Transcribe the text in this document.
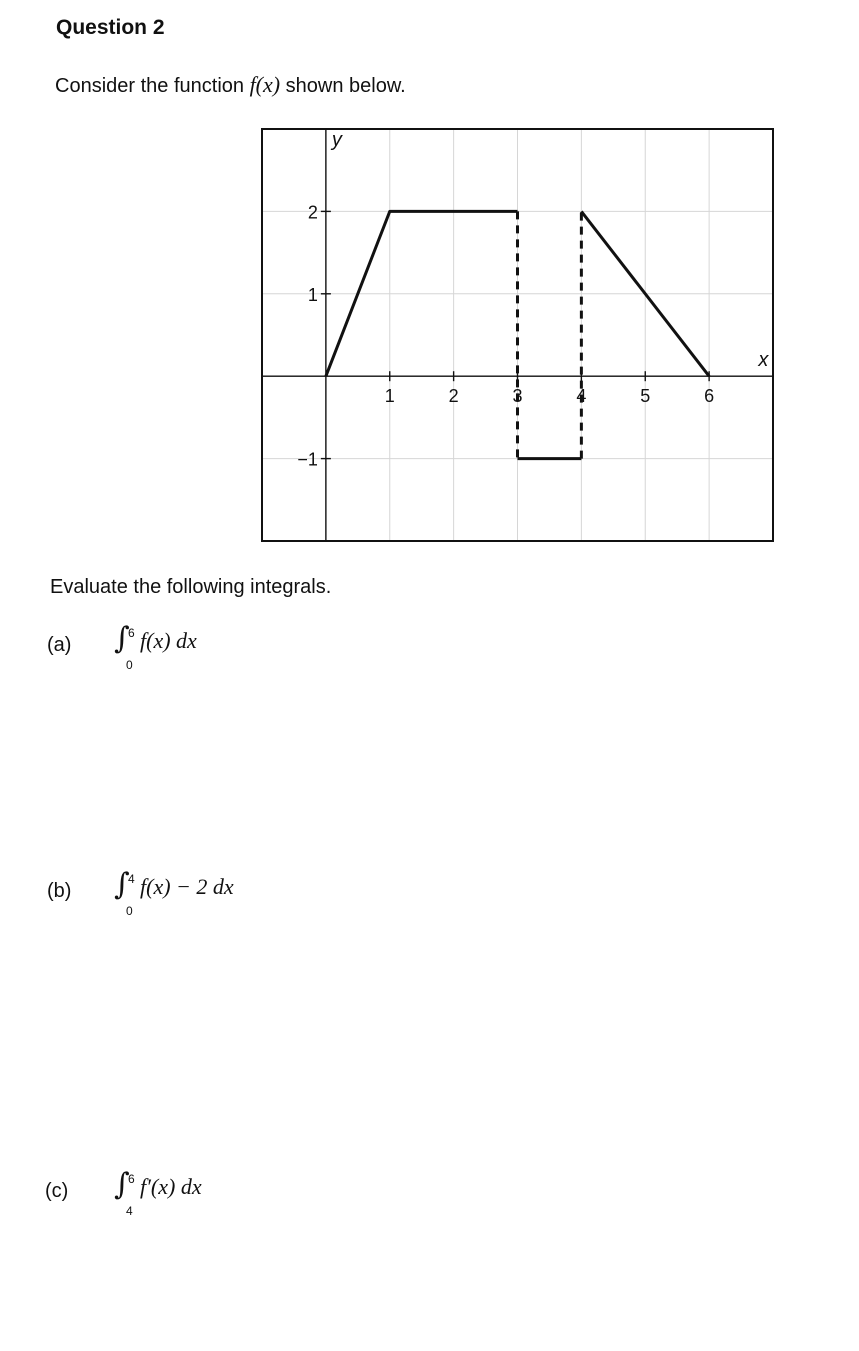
Question 2
Consider the function f(x) shown below.
1	2	3	4	5	6
2
1
−1
x
y
Evaluate the following integrals.
(a) ∫
6
0
f(x) dx
(b) ∫
4
0
f(x) − 2 dx
(c) ∫
6
4
f′(x) dx
